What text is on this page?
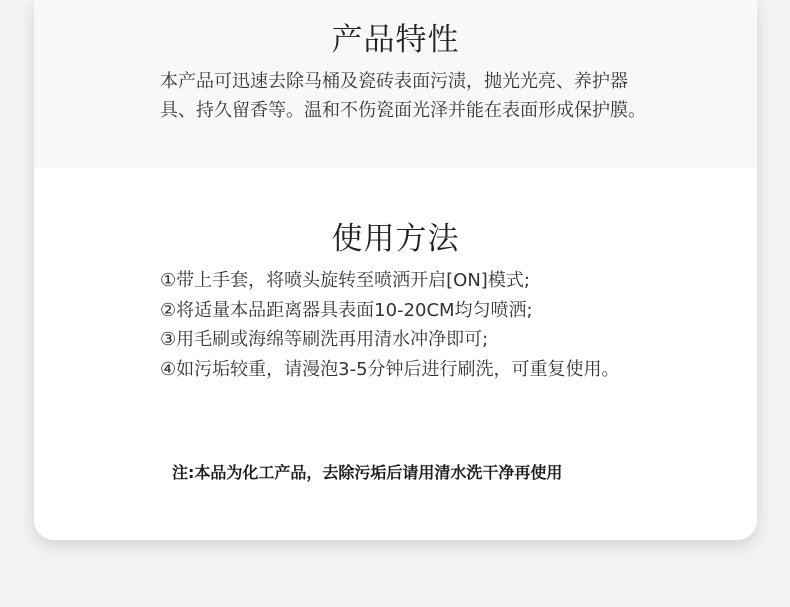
产品特性
本产品可迅速去除马桶及瓷砖表面污渍，抛光光亮、养护器
具、持久留香等。温和不伤瓷面光泽并能在表面形成保护膜。
使用方法
①带上手套，将喷头旋转至喷洒开启[ON]模式;
②将适量本品距离器具表面10-20CM均匀喷洒;
③用毛刷或海绵等刷洗再用清水冲净即可;
④如污垢较重，请漫泡3-5分钟后进行刷洗，可重复使用。
注:本品为化工产品，去除污垢后请用清水洗干净再使用
